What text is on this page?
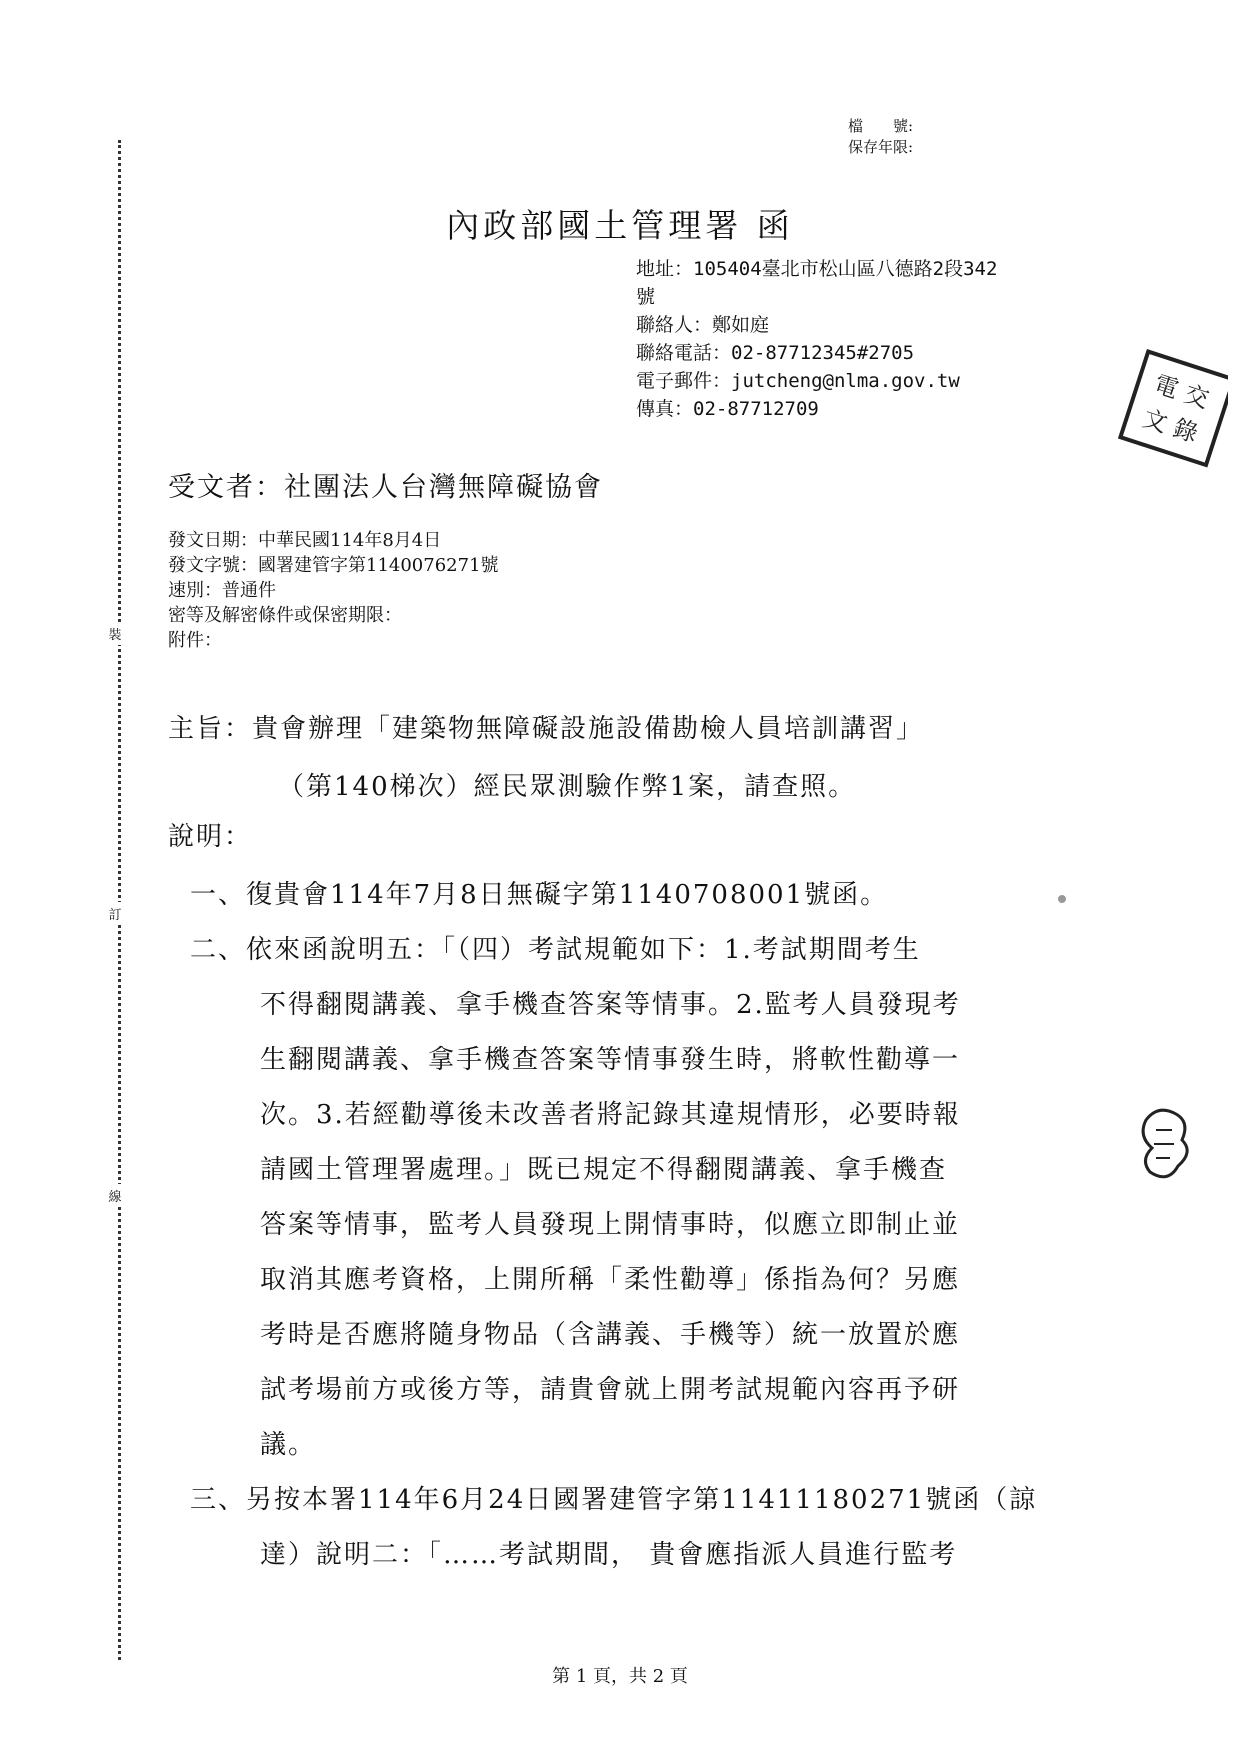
裝
訂
線
檔　　號:
保存年限:
內政部國土管理署 函
地址：105404臺北市松山區八德路2段342
號
聯絡人：鄭如庭
聯絡電話：02-87712345#2705
電子郵件：jutcheng@nlma.gov.tw
傳真：02-87712709
電
交
文
錄
受文者：社團法人台灣無障礙協會
發文日期：中華民國114年8月4日
發文字號：國署建管字第1140076271號
速別：普通件
密等及解密條件或保密期限：
附件：
主旨：貴會辦理「建築物無障礙設施設備勘檢人員培訓講習」
（第140梯次）經民眾測驗作弊1案，請查照。
說明：
一、復貴會114年7月8日無礙字第1140708001號函。
二、依來函說明五：「（四）考試規範如下：1.考試期間考生
不得翻閱講義、拿手機查答案等情事。2.監考人員發現考
生翻閱講義、拿手機查答案等情事發生時，將軟性勸導一
次。3.若經勸導後未改善者將記錄其違規情形，必要時報
請國土管理署處理。」既已規定不得翻閱講義、拿手機查
答案等情事，監考人員發現上開情事時，似應立即制止並
取消其應考資格，上開所稱「柔性勸導」係指為何？另應
考時是否應將隨身物品（含講義、手機等）統一放置於應
試考場前方或後方等，請貴會就上開考試規範內容再予研
議。
三、另按本署114年6月24日國署建管字第11411180271號函（諒
達）說明二：「……考試期間， 貴會應指派人員進行監考
第 1 頁，共 2 頁
